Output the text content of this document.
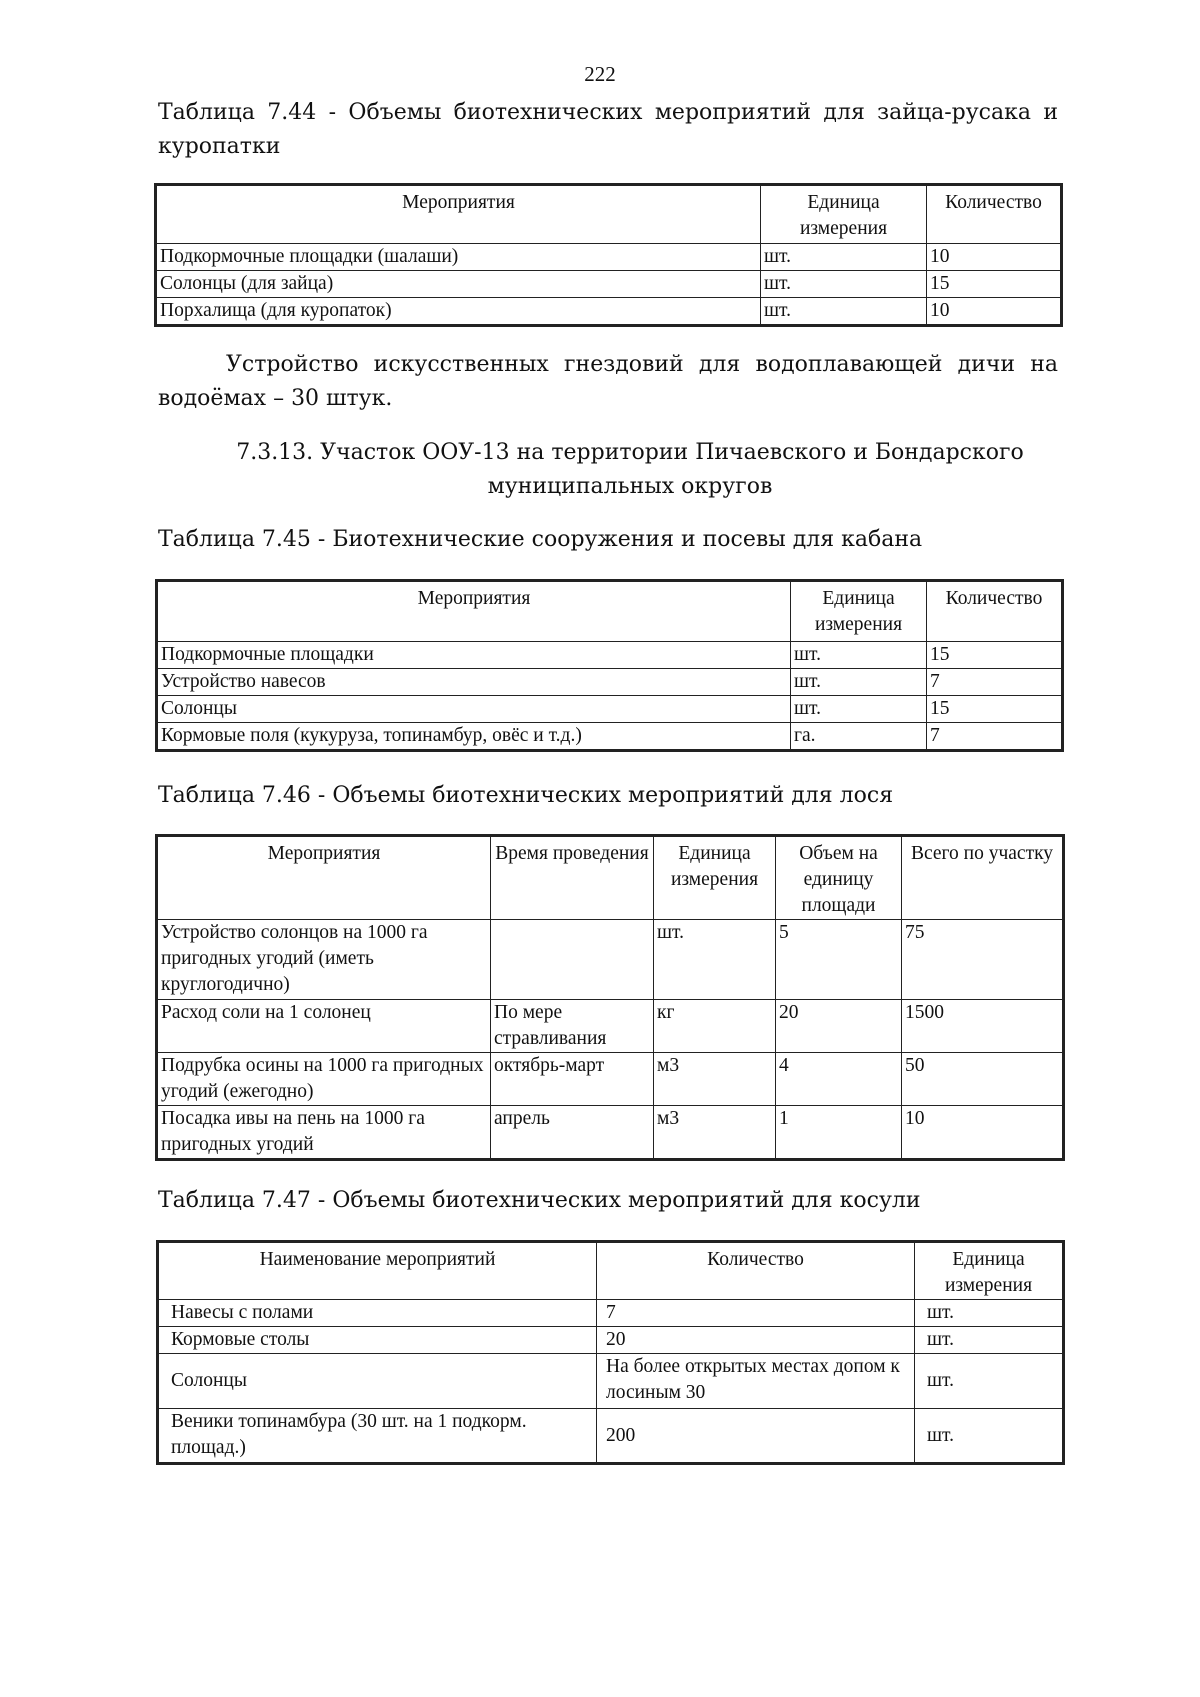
222

Таблица 7.44 - Объемы биотехнических мероприятий для зайца-русака и куропатки

Мероприятия	Единица измерения	Количество
Подкормочные площадки (шалаши)	шт.	10
Солонцы (для зайца)	шт.	15
Порхалища (для куропаток)	шт.	10

Устройство искусственных гнездовий для водоплавающей дичи на водоёмах – 30 штук.

7.3.13. Участок ООУ-13 на территории Пичаевского и Бондарского
муниципальных округов

Таблица 7.45 - Биотехнические сооружения и посевы для кабана

Мероприятия	Единица измерения	Количество
Подкормочные площадки	шт.	15
Устройство навесов	шт.	7
Солонцы	шт.	15
Кормовые поля (кукуруза, топинамбур, овёс и т.д.)	га.	7

Таблица 7.46 - Объемы биотехнических мероприятий для лося

Мероприятия	Время проведения	Единица измерения	Объем на единицу площади	Всего по участку
Устройство солонцов на 1000 га пригодных угодий (иметь круглогодично)		шт.	5	75
Расход соли на 1 солонец	По мере стравливания	кг	20	1500
Подрубка осины на 1000 га пригодных угодий (ежегодно)	октябрь-март	м3	4	50
Посадка ивы на пень на 1000 га пригодных угодий	апрель	м3	1	10

Таблица 7.47 - Объемы биотехнических мероприятий для косули

Наименование мероприятий	Количество	Единица измерения
Навесы с полами	7	шт.
Кормовые столы	20	шт.
Солонцы	На более открытых местах допом к лосиным 30	шт.
Веники топинамбура (30 шт. на 1 подкорм. площад.)	200	шт.
